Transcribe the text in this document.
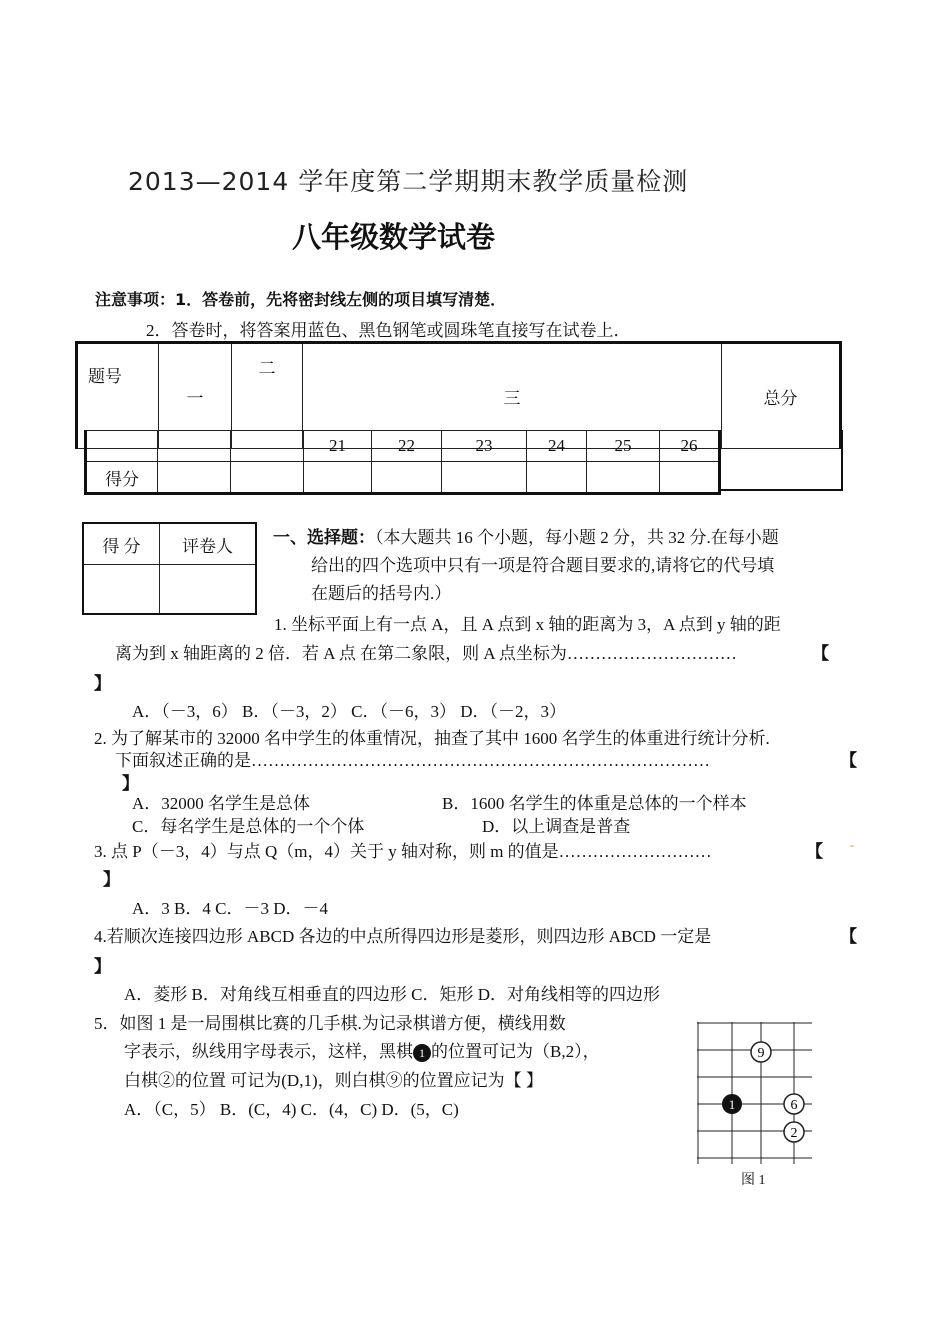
2013—2014 学年度第二学期期末教学质量检测
八年级数学试卷
注意事项：1．答卷前，先将密封线左侧的项目填写清楚．
2．答卷时，将答案用蓝色、黑色钢笔或圆珠笔直接写在试卷上．
题号	一	二	三	总分
			21	22	23	24	25	26
得分								
得 分	评卷人
	一、选择题：（本大题共 16 个小题，每小题 2 分，共 32 分.在每小题
给出的四个选项中只有一项是符合题目要求的,请将它的代号填
在题后的括号内.）
1. 坐标平面上有一点 A，且 A 点到 x 轴的距离为 3，A 点到 y 轴的距
离为到 x 轴距离的 2 倍．若 A 点 在第二象限，则 A 点坐标为…………………………	【
】
A．（－3，6） B．（－3，2） C．（－6，3） D．（－2，3）
2. 为了解某市的 32000 名中学生的体重情况，抽查了其中 1600 名学生的体重进行统计分析.
下面叙述正确的是………………………………………………………………………	【
】
A．32000 名学生是总体	B．1600 名学生的体重是总体的一个样本
C．每名学生是总体的一个个体	D．以上调查是普查
3. 点 P（－3，4）与点 Q（m，4）关于 y 轴对称，则 m 的值是………………………	【 -
】
A．3 B．4 C．－3 D．－4
4.若顺次连接四边形 ABCD 各边的中点所得四边形是菱形，则四边形 ABCD 一定是	【
】
A．菱形 B．对角线互相垂直的四边形 C．矩形 D．对角线相等的四边形
5．如图 1 是一局围棋比赛的几手棋.为记录棋谱方便，横线用数
字表示，纵线用字母表示，这样，黑棋 1 的位置可记为（B,2），
白棋②的位置 可记为(D,1)，则白棋⑨的位置应记为【 】
A．（C，5） B．(C，4) C．(4，C) D．(5，C)
9
1	6
2
图 1
